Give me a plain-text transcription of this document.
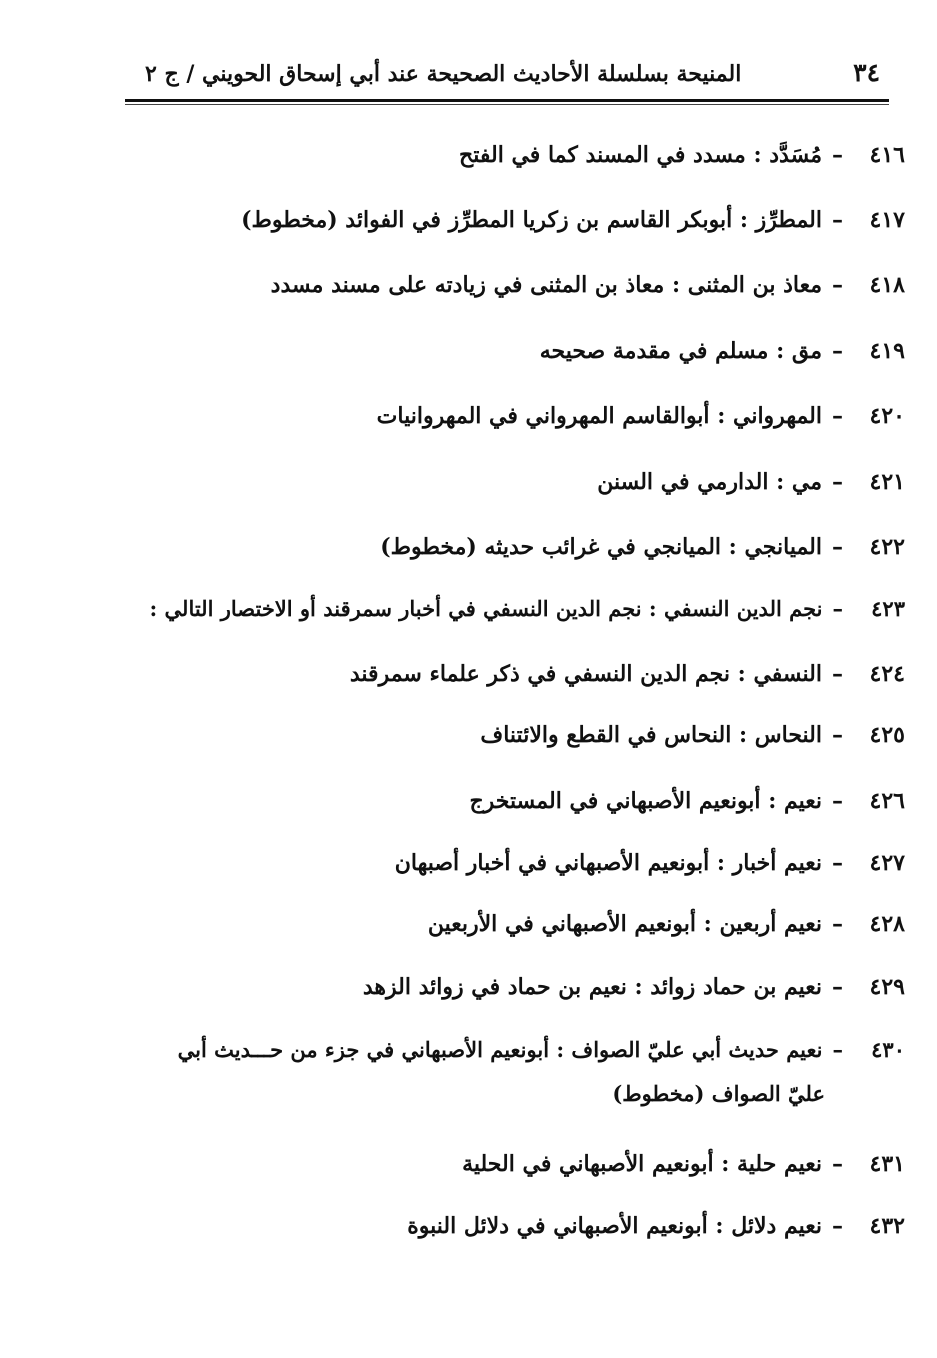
٣٤
المنيحة بسلسلة الأحاديث الصحيحة عند أبي إسحاق الحويني / ج ٢
٤١٦–مُسَدَّد : مسدد في المسند كما في الفتح
٤١٧–المطرِّز : أبوبكر القاسم بن زكريا المطرِّز في الفوائد (مخطوط)
٤١٨–معاذ بن المثنى : معاذ بن المثنى في زيادته على مسند مسدد
٤١٩–مق : مسلم في مقدمة صحيحه
٤٢٠–المهرواني : أبوالقاسم المهرواني في المهروانيات
٤٢١–مي : الدارمي في السنن
٤٢٢–الميانجي : الميانجي في غرائب حديثه (مخطوط)
٤٢٣–نجم الدين النسفي : نجم الدين النسفي في أخبار سمرقند أو الاختصار التالي :
٤٢٤–النسفي : نجم الدين النسفي في ذكر علماء سمرقند
٤٢٥–النحاس : النحاس في القطع والائتناف
٤٢٦–نعيم : أبونعيم الأصبهاني في المستخرج
٤٢٧–نعيم أخبار : أبونعيم الأصبهاني في أخبار أصبهان
٤٢٨–نعيم أربعين : أبونعيم الأصبهاني في الأربعين
٤٢٩–نعيم بن حماد زوائد : نعيم بن حماد في زوائد الزهد
٤٣٠–نعيم حديث أبي عليّ الصواف : أبونعيم الأصبهاني في جزء من حـــديث أبي
عليّ الصواف (مخطوط)
٤٣١–نعيم حلية : أبونعيم الأصبهاني في الحلية
٤٣٢–نعيم دلائل : أبونعيم الأصبهاني في دلائل النبوة
